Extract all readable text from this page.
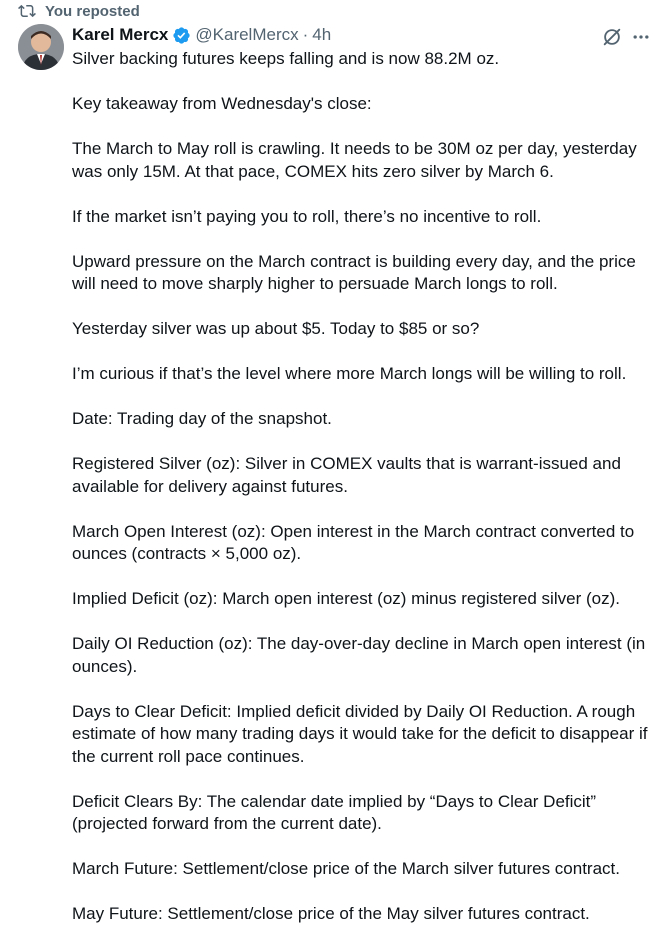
You reposted
Karel Mercx @KarelMercx · 4h

Silver backing futures keeps falling and is now 88.2M oz.

Key takeaway from Wednesday's close:

The March to May roll is crawling. It needs to be 30M oz per day, yesterday was only 15M. At that pace, COMEX hits zero silver by March 6.

If the market isn’t paying you to roll, there’s no incentive to roll.

Upward pressure on the March contract is building every day, and the price will need to move sharply higher to persuade March longs to roll.

Yesterday silver was up about $5. Today to $85 or so?

I’m curious if that’s the level where more March longs will be willing to roll.

Date: Trading day of the snapshot.

Registered Silver (oz): Silver in COMEX vaults that is warrant-issued and available for delivery against futures.

March Open Interest (oz): Open interest in the March contract converted to ounces (contracts × 5,000 oz).

Implied Deficit (oz): March open interest (oz) minus registered silver (oz).

Daily OI Reduction (oz): The day-over-day decline in March open interest (in ounces).

Days to Clear Deficit: Implied deficit divided by Daily OI Reduction. A rough estimate of how many trading days it would take for the deficit to disappear if the current roll pace continues.

Deficit Clears By: The calendar date implied by “Days to Clear Deficit” (projected forward from the current date).

March Future: Settlement/close price of the March silver futures contract.

May Future: Settlement/close price of the May silver futures contract.
